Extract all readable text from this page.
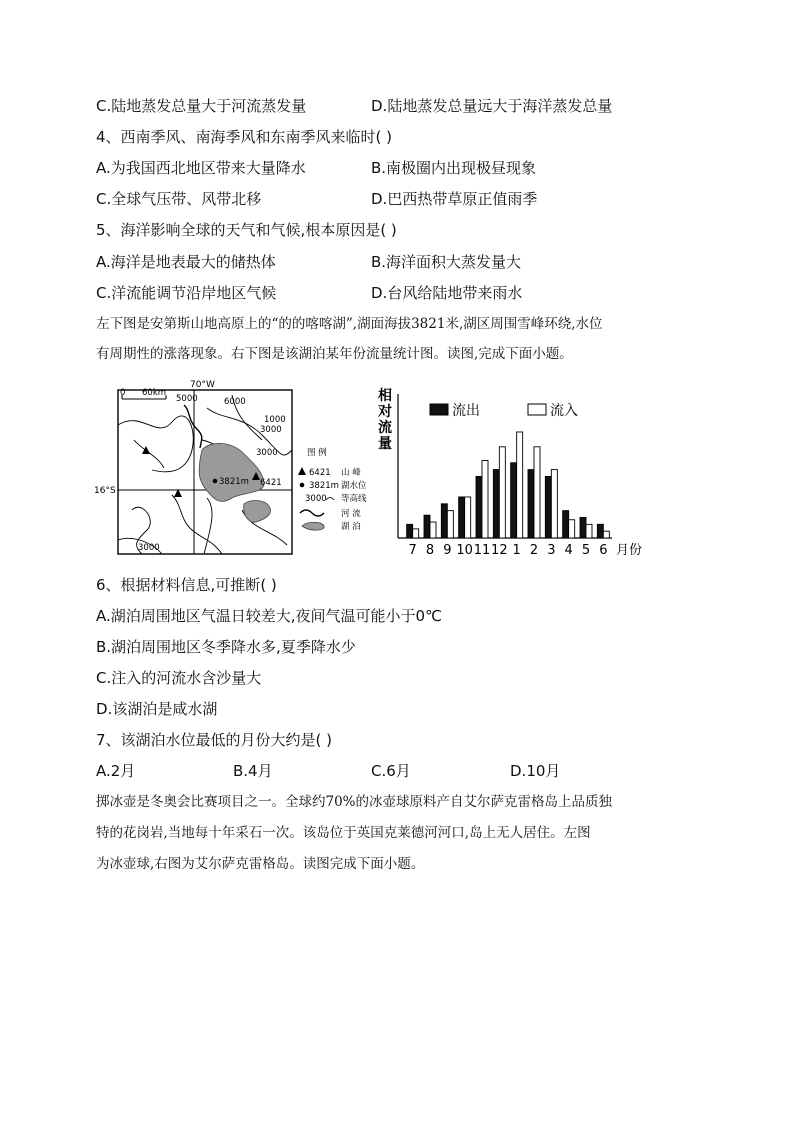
C.陆地蒸发总量大于河流蒸发量	D.陆地蒸发总量远大于海洋蒸发总量
4、西南季风、南海季风和东南季风来临时( )
A.为我国西北地区带来大量降水	B.南极圈内出现极昼现象
C.全球气压带、风带北移	D.巴西热带草原正值雨季
5、海洋影响全球的天气和气候,根本原因是( )
A.海洋是地表最大的储热体	B.海洋面积大蒸发量大
C.洋流能调节沿岸地区气候	D.台风给陆地带来雨水
左下图是安第斯山地高原上的“的的喀喀湖”,湖面海拔3821米,湖区周围雪峰环绕,水位
有周期性的涨落现象。右下图是该湖泊某年份流量统计图。读图,完成下面小题。
70°W
16°S
0 60km
5000	6000
1000
3000
3000
3000
6421
3821m
图 例
6421 山 峰
3821m 湖水位
3000 等高线
河 流
湖 泊
相
对
流
量
流出	流入
7 8 9 10 11 12 1 2 3 4 5 6 月份
6、根据材料信息,可推断( )
A.湖泊周围地区气温日较差大,夜间气温可能小于0℃
B.湖泊周围地区冬季降水多,夏季降水少
C.注入的河流水含沙量大
D.该湖泊是咸水湖
7、该湖泊水位最低的月份大约是( )
A.2月	B.4月	C.6月	D.10月
掷冰壶是冬奥会比赛项目之一。全球约70%的冰壶球原料产自艾尔萨克雷格岛上品质独
特的花岗岩,当地每十年采石一次。该岛位于英国克莱德河河口,岛上无人居住。左图
为冰壶球,右图为艾尔萨克雷格岛。读图完成下面小题。
